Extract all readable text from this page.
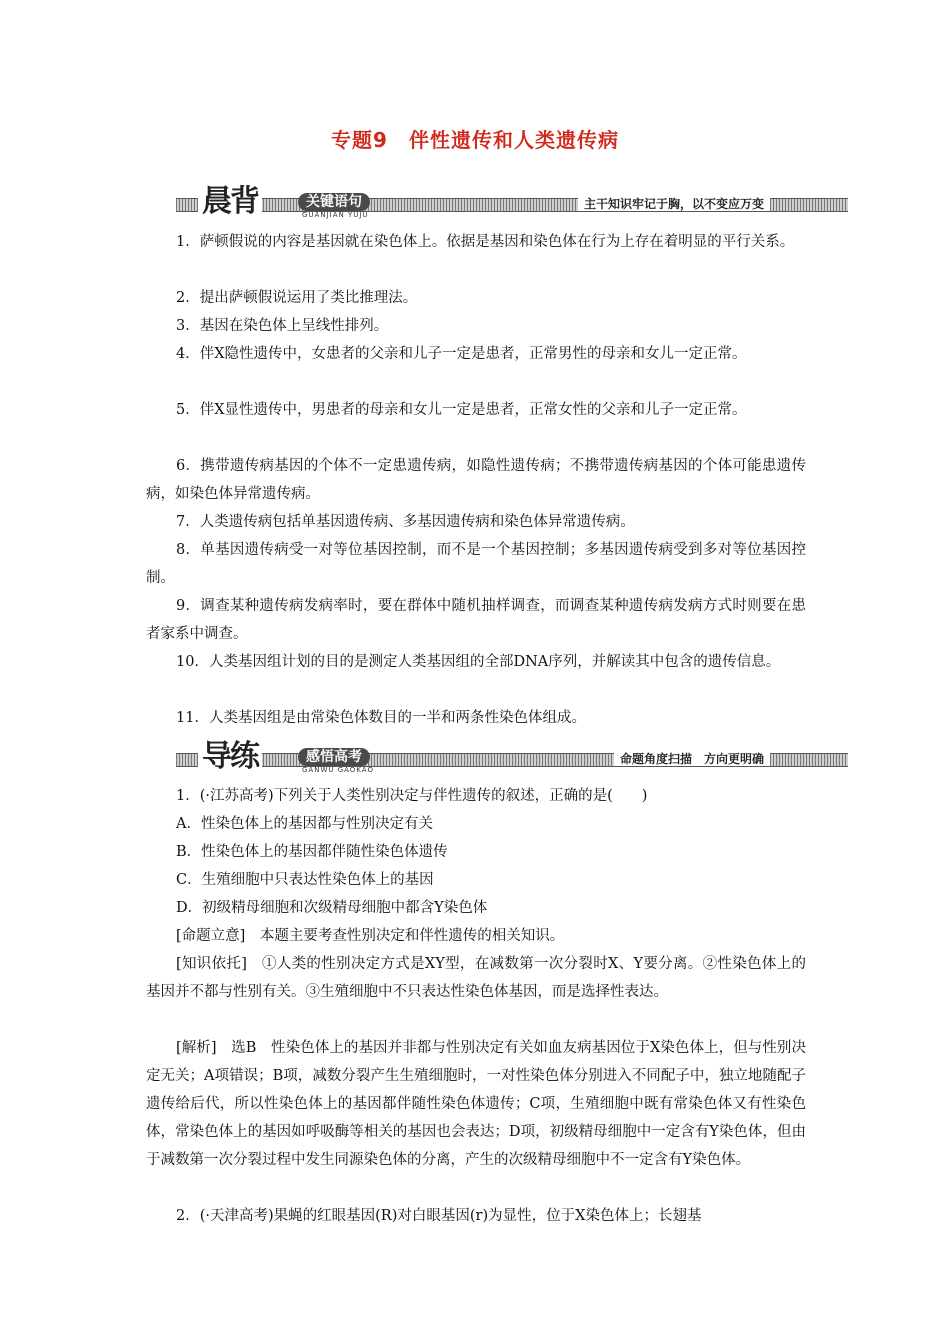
专题9　伴性遗传和人类遗传病
晨背	关键语句
GUANJIAN YUJU
主干知识牢记于胸，以不变应万变

1．萨顿假说的内容是基因就在染色体上。依据是基因和染色体在行为上存在着明显的平行关系。

2．提出萨顿假说运用了类比推理法。

3．基因在染色体上呈线性排列。

4．伴X隐性遗传中，女患者的父亲和儿子一定是患者，正常男性的母亲和女儿一定正常。

5．伴X显性遗传中，男患者的母亲和女儿一定是患者，正常女性的父亲和儿子一定正常。

6．携带遗传病基因的个体不一定患遗传病，如隐性遗传病；不携带遗传病基因的个体可能患遗传病，如染色体异常遗传病。

7．人类遗传病包括单基因遗传病、多基因遗传病和染色体异常遗传病。

8．单基因遗传病受一对等位基因控制，而不是一个基因控制；多基因遗传病受到多对等位基因控制。

9．调查某种遗传病发病率时，要在群体中随机抽样调查，而调查某种遗传病发病方式时则要在患者家系中调查。

10．人类基因组计划的目的是测定人类基因组的全部DNA序列，并解读其中包含的遗传信息。

11．人类基因组是由常染色体数目的一半和两条性染色体组成。

导练	感悟高考
GANWU GAOKAO
命题角度扫描　方向更明确

1．(·江苏高考)下列关于人类性别决定与伴性遗传的叙述，正确的是(　　)

A．性染色体上的基因都与性别决定有关

B．性染色体上的基因都伴随性染色体遗传

C．生殖细胞中只表达性染色体上的基因

D．初级精母细胞和次级精母细胞中都含Y染色体

[命题立意]　本题主要考查性别决定和伴性遗传的相关知识。

[知识依托]　①人类的性别决定方式是XY型，在减数第一次分裂时X、Y要分离。②性染色体上的基因并不都与性别有关。③生殖细胞中不只表达性染色体基因，而是选择性表达。

[解析]　选B　性染色体上的基因并非都与性别决定有关如血友病基因位于X染色体上，但与性别决定无关；A项错误；B项，减数分裂产生生殖细胞时，一对性染色体分别进入不同配子中，独立地随配子遗传给后代，所以性染色体上的基因都伴随性染色体遗传；C项，生殖细胞中既有常染色体又有性染色体，常染色体上的基因如呼吸酶等相关的基因也会表达；D项，初级精母细胞中一定含有Y染色体，但由于减数第一次分裂过程中发生同源染色体的分离，产生的次级精母细胞中不一定含有Y染色体。

2．(·天津高考)果蝇的红眼基因(R)对白眼基因(r)为显性，位于X染色体上；长翅基
